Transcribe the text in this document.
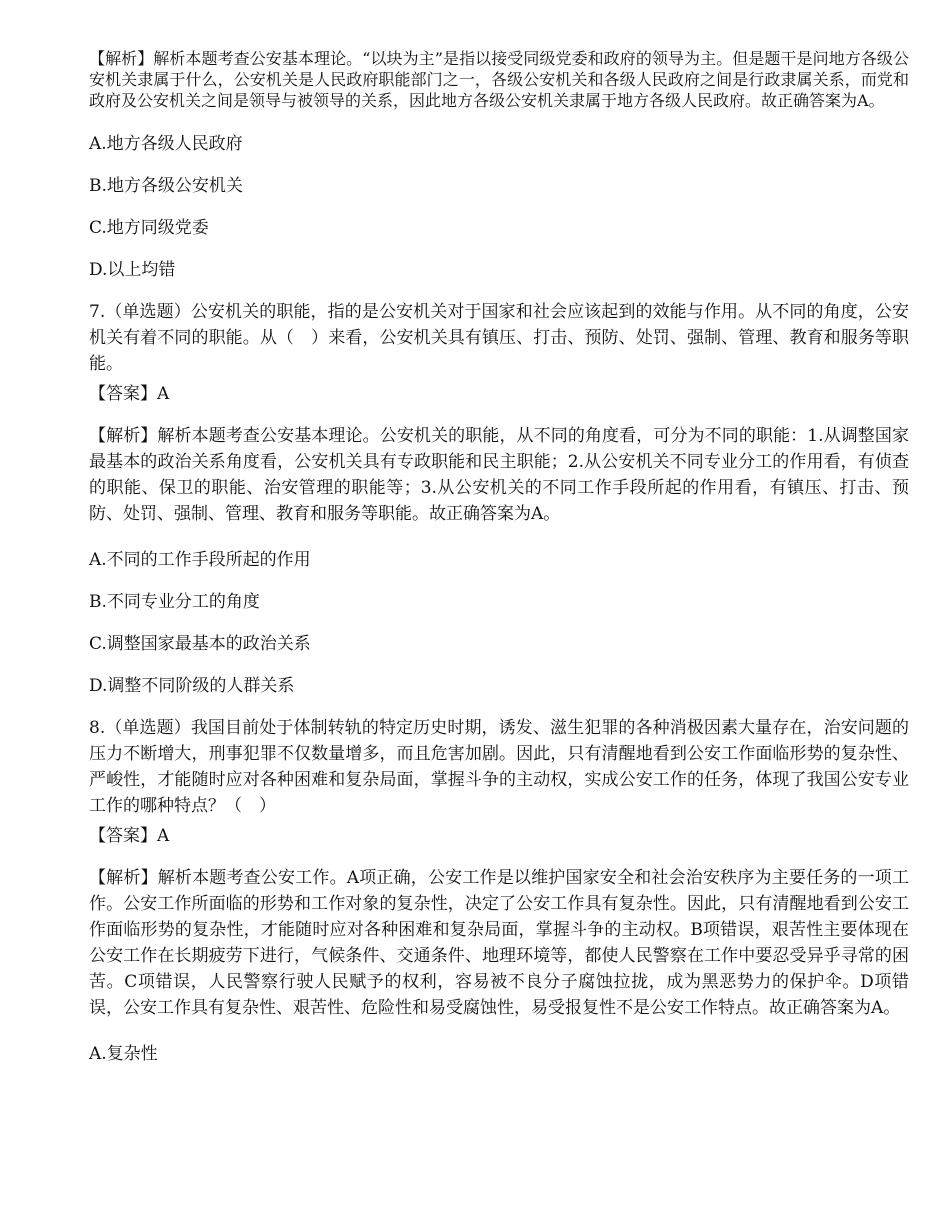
【解析】解析本题考查公安基本理论。“以块为主”是指以接受同级党委和政府的领导为主。但是题干是问地方各级公安机关隶属于什么，公安机关是人民政府职能部门之一，各级公安机关和各级人民政府之间是行政隶属关系，而党和政府及公安机关之间是领导与被领导的关系，因此地方各级公安机关隶属于地方各级人民政府。故正确答案为A。

A.地方各级人民政府

B.地方各级公安机关

C.地方同级党委

D.以上均错

7.（单选题）公安机关的职能，指的是公安机关对于国家和社会应该起到的效能与作用。从不同的角度，公安机关有着不同的职能。从（　）来看，公安机关具有镇压、打击、预防、处罚、强制、管理、教育和服务等职能。

【答案】A

【解析】解析本题考查公安基本理论。公安机关的职能，从不同的角度看，可分为不同的职能：1.从调整国家最基本的政治关系角度看，公安机关具有专政职能和民主职能；2.从公安机关不同专业分工的作用看，有侦查的职能、保卫的职能、治安管理的职能等；3.从公安机关的不同工作手段所起的作用看，有镇压、打击、预防、处罚、强制、管理、教育和服务等职能。故正确答案为A。

A.不同的工作手段所起的作用

B.不同专业分工的角度

C.调整国家最基本的政治关系

D.调整不同阶级的人群关系

8.（单选题）我国目前处于体制转轨的特定历史时期，诱发、滋生犯罪的各种消极因素大量存在，治安问题的压力不断增大，刑事犯罪不仅数量增多，而且危害加剧。因此，只有清醒地看到公安工作面临形势的复杂性、严峻性，才能随时应对各种困难和复杂局面，掌握斗争的主动权，实成公安工作的任务，体现了我国公安专业工作的哪种特点？（　）

【答案】A

【解析】解析本题考查公安工作。A项正确，公安工作是以维护国家安全和社会治安秩序为主要任务的一项工作。公安工作所面临的形势和工作对象的复杂性，决定了公安工作具有复杂性。因此，只有清醒地看到公安工作面临形势的复杂性，才能随时应对各种困难和复杂局面，掌握斗争的主动权。B项错误，艰苦性主要体现在公安工作在长期疲劳下进行，气候条件、交通条件、地理环境等，都使人民警察在工作中要忍受异乎寻常的困苦。C项错误，人民警察行驶人民赋予的权利，容易被不良分子腐蚀拉拢，成为黑恶势力的保护伞。D项错误，公安工作具有复杂性、艰苦性、危险性和易受腐蚀性，易受报复性不是公安工作特点。故正确答案为A。

A.复杂性
